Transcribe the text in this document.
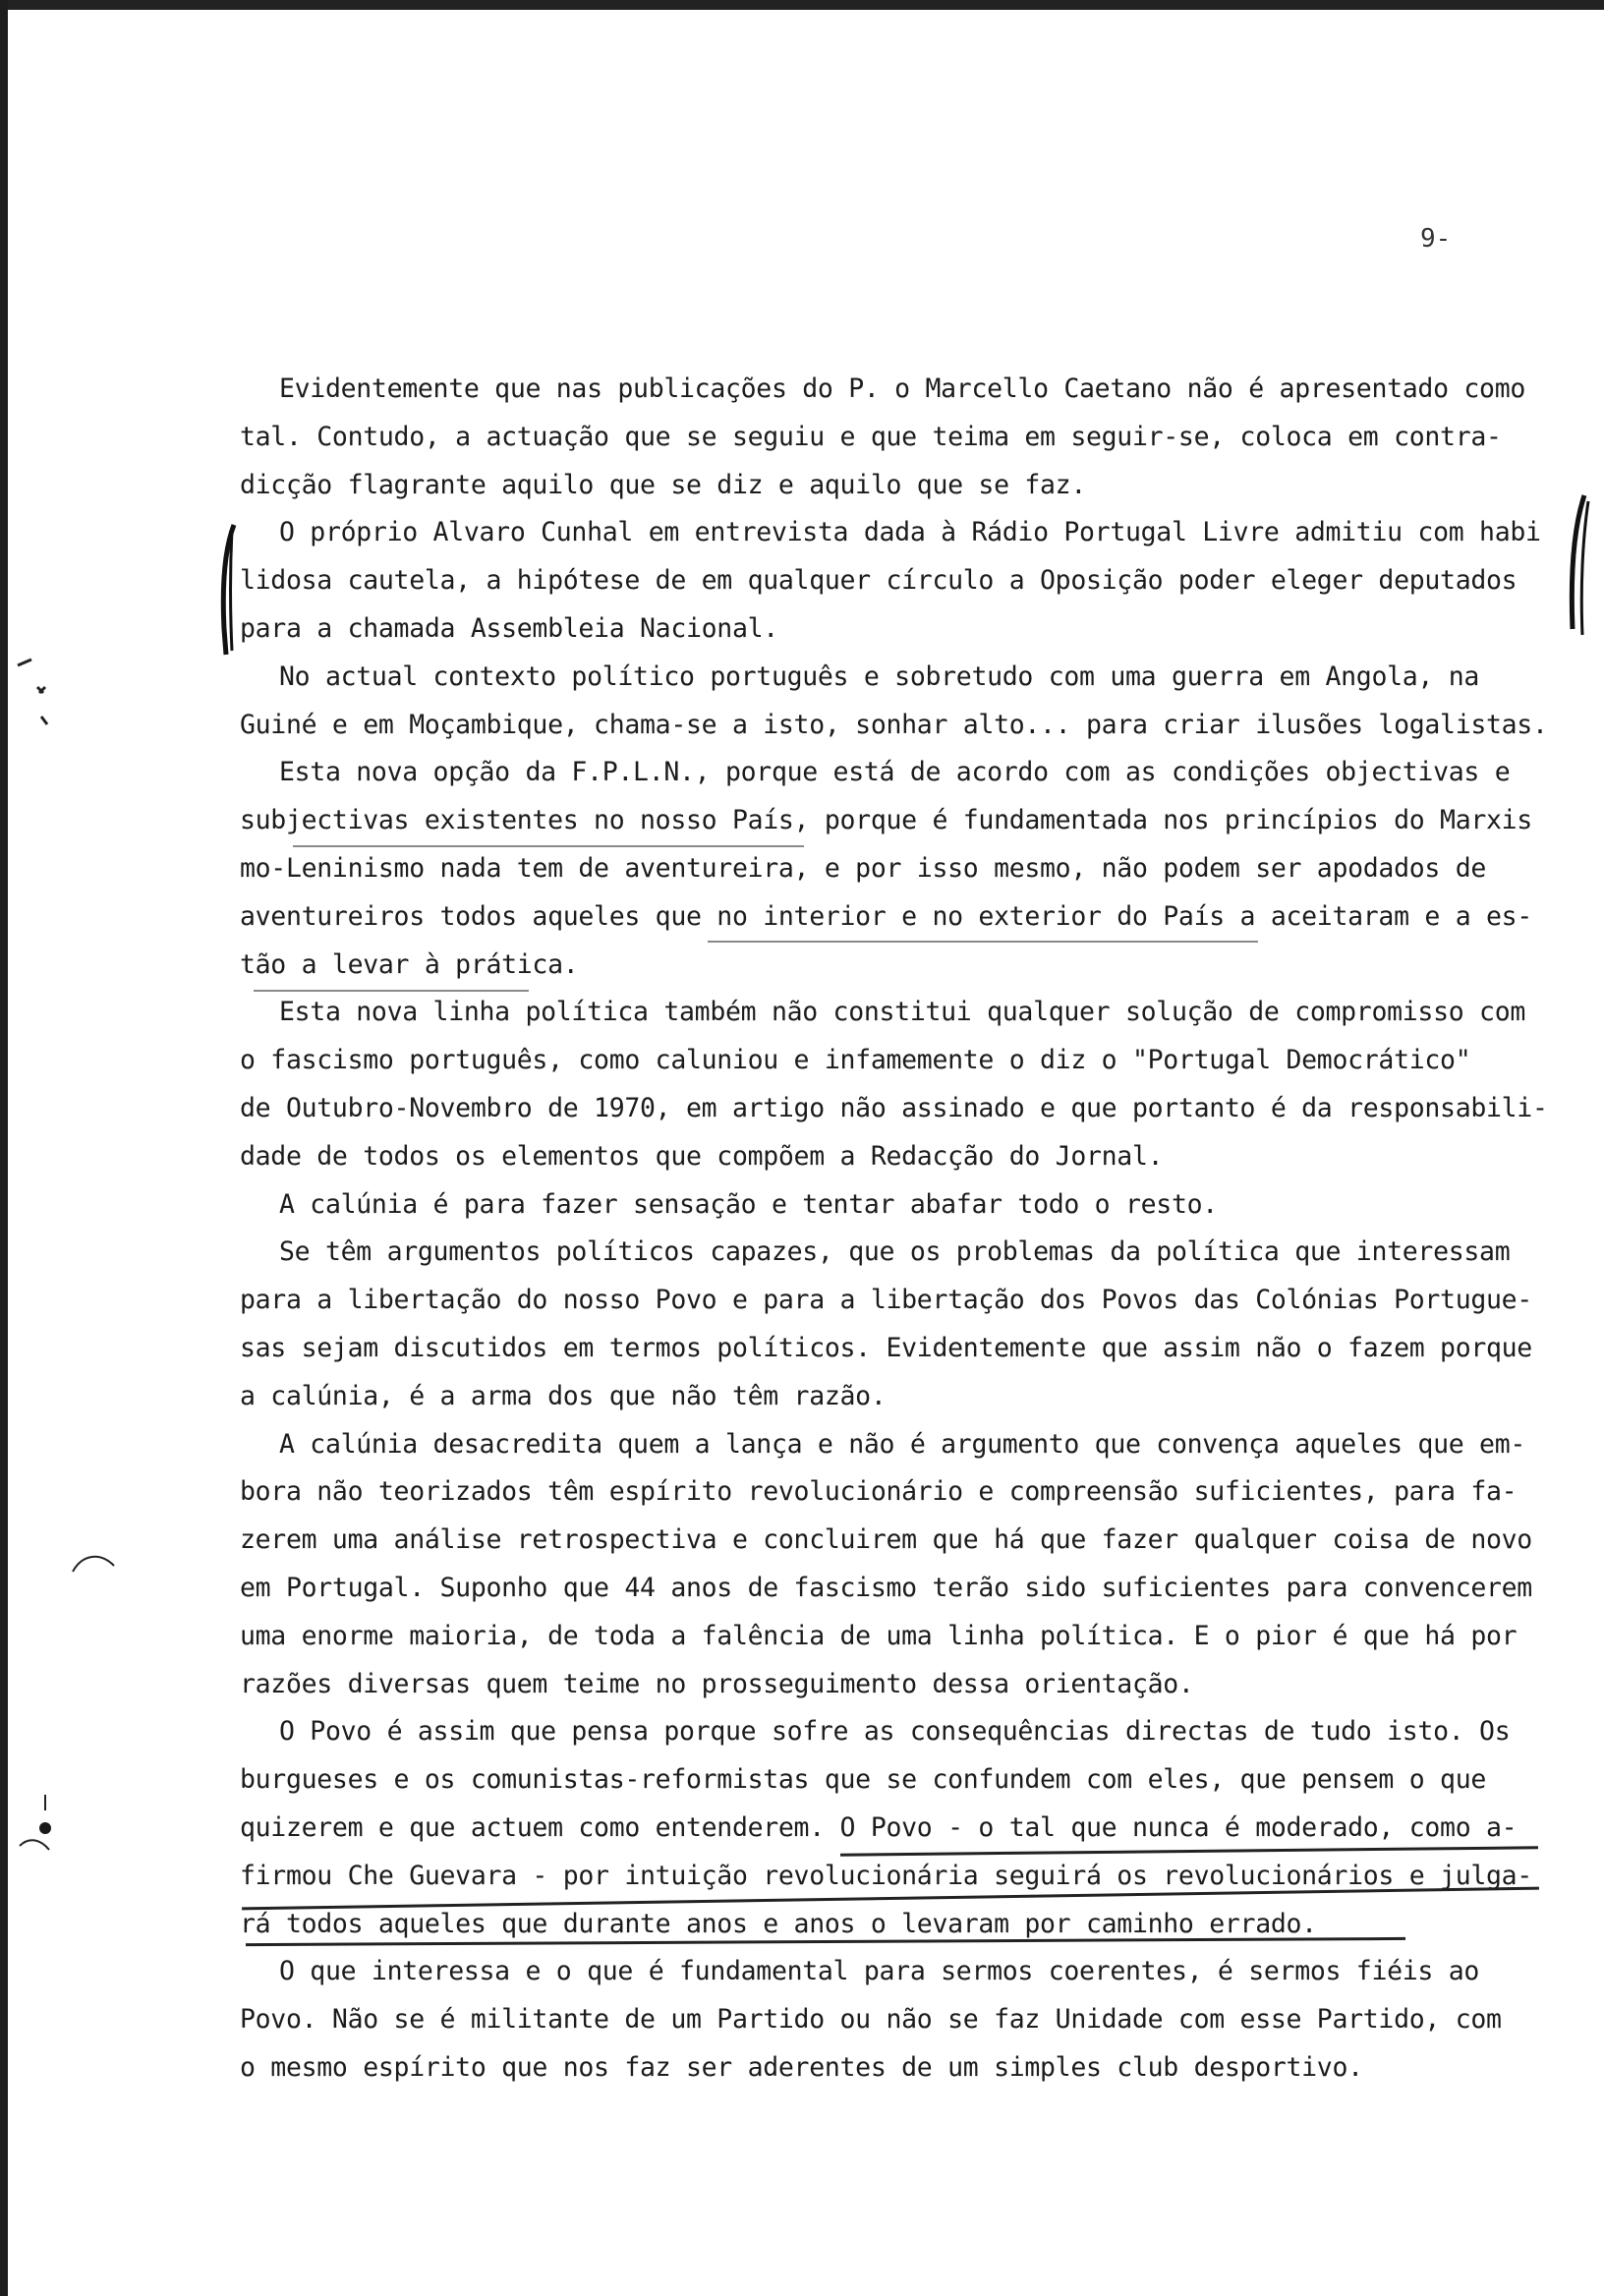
9-
Evidentemente que nas publicações do P. o Marcello Caetano não é apresentado como
tal. Contudo, a actuação que se seguiu e que teima em seguir-se, coloca em contra-
dicção flagrante aquilo que se diz e aquilo que se faz.
O próprio Alvaro Cunhal em entrevista dada à Rádio Portugal Livre admitiu com habi
lidosa cautela, a hipótese de em qualquer círculo a Oposição poder eleger deputados
para a chamada Assembleia Nacional.
No actual contexto político português e sobretudo com uma guerra em Angola, na
Guiné e em Moçambique, chama-se a isto, sonhar alto... para criar ilusões logalistas.
Esta nova opção da F.P.L.N., porque está de acordo com as condições objectivas e
subjectivas existentes no nosso País, porque é fundamentada nos princípios do Marxis
mo-Leninismo nada tem de aventureira, e por isso mesmo, não podem ser apodados de
aventureiros todos aqueles que no interior e no exterior do País a aceitaram e a es-
tão a levar à prática.
Esta nova linha política também não constitui qualquer solução de compromisso com
o fascismo português, como caluniou e infamemente o diz o "Portugal Democrático"
de Outubro-Novembro de 1970, em artigo não assinado e que portanto é da responsabili-
dade de todos os elementos que compõem a Redacção do Jornal.
A calúnia é para fazer sensação e tentar abafar todo o resto.
Se têm argumentos políticos capazes, que os problemas da política que interessam
para a libertação do nosso Povo e para a libertação dos Povos das Colónias Portugue-
sas sejam discutidos em termos políticos. Evidentemente que assim não o fazem porque
a calúnia, é a arma dos que não têm razão.
A calúnia desacredita quem a lança e não é argumento que convença aqueles que em-
bora não teorizados têm espírito revolucionário e compreensão suficientes, para fa-
zerem uma análise retrospectiva e concluirem que há que fazer qualquer coisa de novo
em Portugal. Suponho que 44 anos de fascismo terão sido suficientes para convencerem
uma enorme maioria, de toda a falência de uma linha política. E o pior é que há por
razões diversas quem teime no prosseguimento dessa orientação.
O Povo é assim que pensa porque sofre as consequências directas de tudo isto. Os
burgueses e os comunistas-reformistas que se confundem com eles, que pensem o que
quizerem e que actuem como entenderem. O Povo - o tal que nunca é moderado, como a-
firmou Che Guevara - por intuição revolucionária seguirá os revolucionários e julga-
rá todos aqueles que durante anos e anos o levaram por caminho errado.
O que interessa e o que é fundamental para sermos coerentes, é sermos fiéis ao
Povo. Não se é militante de um Partido ou não se faz Unidade com esse Partido, com
o mesmo espírito que nos faz ser aderentes de um simples club desportivo.
